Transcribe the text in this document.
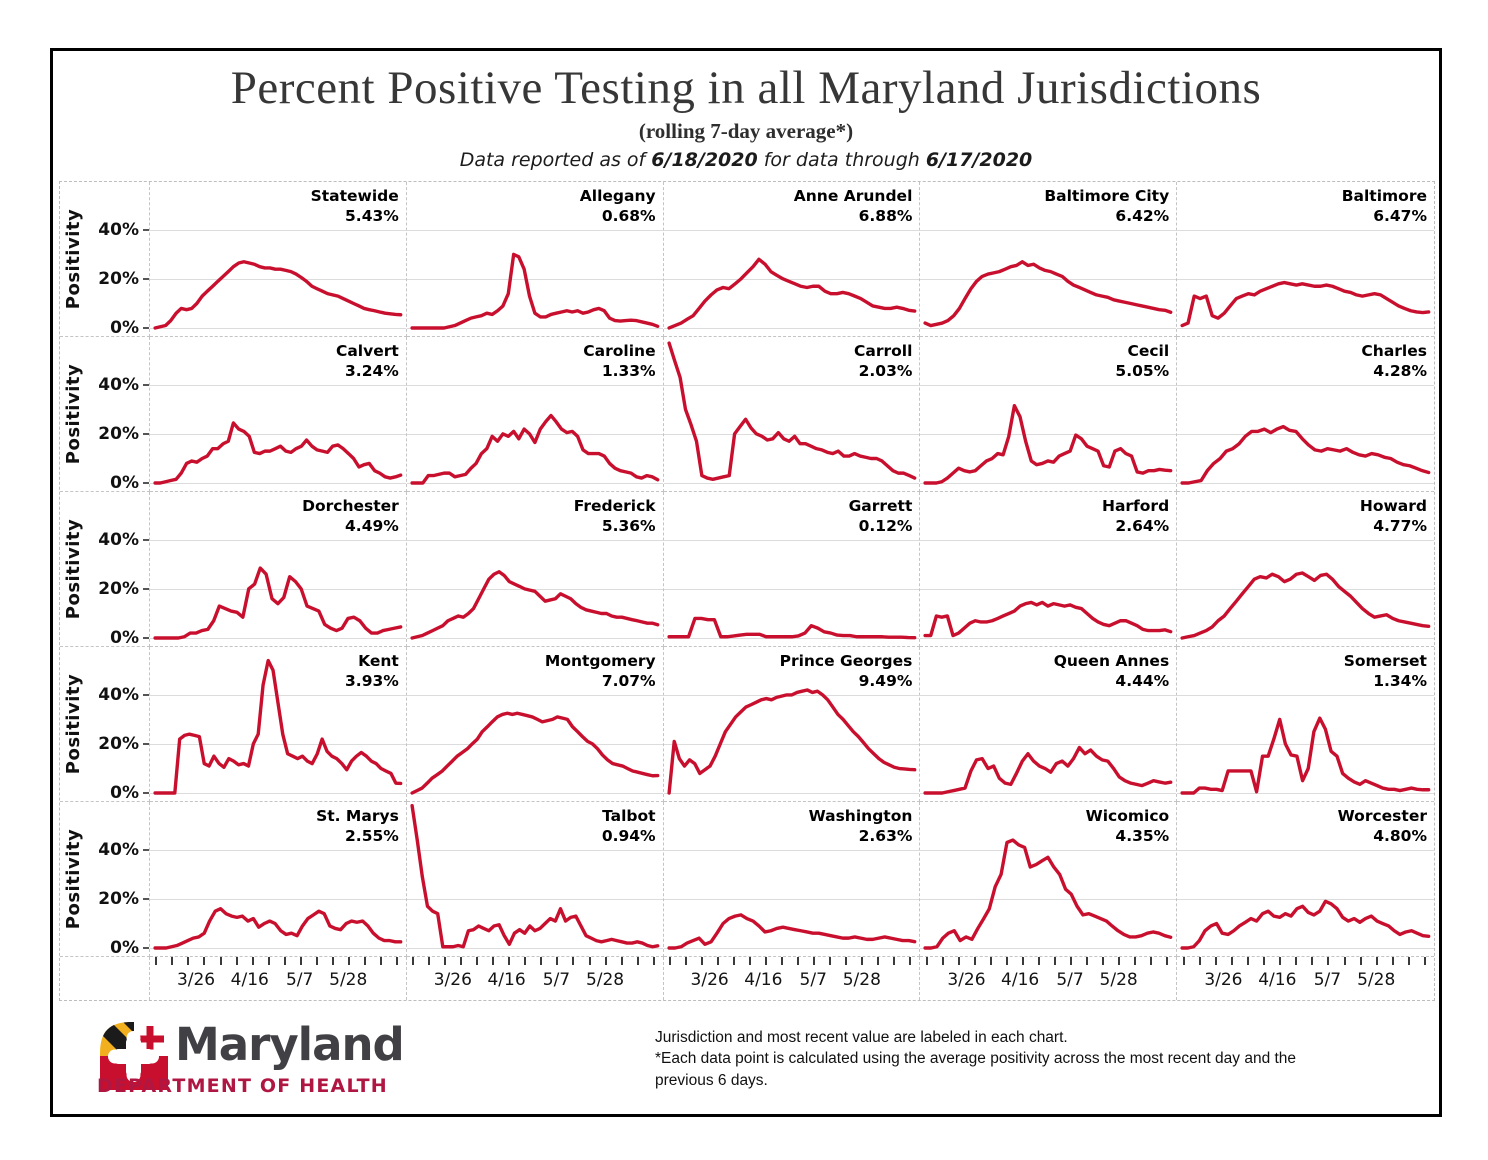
Percent Positive Testing in all Maryland Jurisdictions
(rolling 7-day average*)
Data reported as of 6/18/2020 for data through 6/17/2020
Positivity 40%
20%
0%
Statewide
5.43%
Allegany
0.68%
Anne Arundel
6.88%
Baltimore City
6.42%
Baltimore
6.47%
Positivity 40%
20%
0%
Calvert
3.24%
Caroline
1.33%
Carroll
2.03%
Cecil
5.05%
Charles
4.28%
Positivity 40%
20%
0%
Dorchester
4.49%
Frederick
5.36%
Garrett
0.12%
Harford
2.64%
Howard
4.77%
Positivity 40%
20%
0%
Kent
3.93%
Montgomery
7.07%
Prince Georges
9.49%
Queen Annes
4.44%
Somerset
1.34%
Positivity 40%
20%
0%
St. Marys
2.55%
Talbot
0.94%
Washington
2.63%
Wicomico
4.35%
Worcester
4.80%
3/26 4/16 5/7 5/28	3/26 4/16 5/7 5/28	3/26 4/16 5/7 5/28	3/26 4/16 5/7 5/28	3/26 4/16 5/7 5/28
Maryland
DEPARTMENT OF HEALTH
Jurisdiction and most recent value are labeled in each chart.
*Each data point is calculated using the average positivity across the most recent day and the
previous 6 days.
